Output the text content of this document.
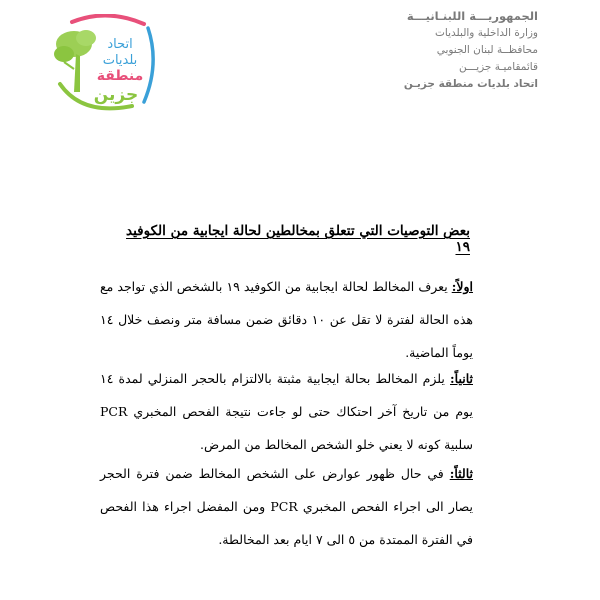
اتحاد
بلديات
منطقة
جزين
الجمهوريـــة اللبنـانيـــة
وزارة الداخلية والبلديات
محافظــة لبنان الجنوبي
قائمقاميـة جزيـــن
اتحاد بلديات منطقة جزيـن
بعض التوصيات التي تتعلق بمخالطين لحالة ايجابية من الكوفيد ١٩
اولاً: يعرف المخالط لحالة ايجابية من الكوفيد ١٩ بالشخص الذي تواجد مع هذه الحالة لفترة لا تقل عن ١٠ دقائق ضمن مسافة متر ونصف خلال ١٤ يوماً الماضية.
ثانياً: يلزم المخالط بحالة ايجابية مثبتة بالالتزام بالحجر المنزلي لمدة ١٤ يوم من تاريخ آخر احتكاك حتى لو جاءت نتيجة الفحص المخبري PCR سلبية كونه لا يعني خلو الشخص المخالط من المرض.
ثالثاً: في حال ظهور عوارض على الشخص المخالط ضمن فترة الحجر يصار الى اجراء الفحص المخبري PCR ومن المفضل اجراء هذا الفحص في الفترة الممتدة من ٥ الى ٧ ايام بعد المخالطة.
